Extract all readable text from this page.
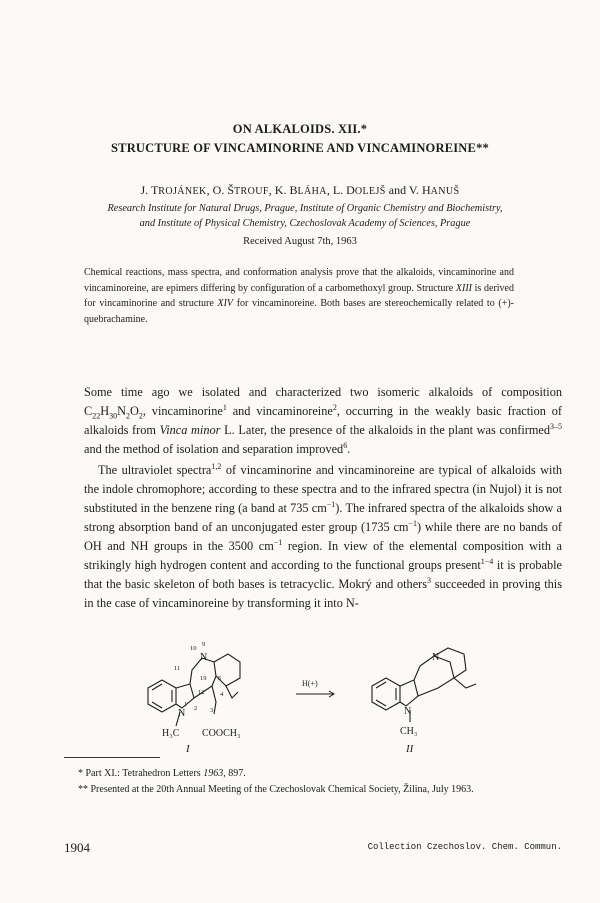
ON ALKALOIDS. XII.*
STRUCTURE OF VINCAMINORINE AND VINCAMINOREINE**
J. TROJÁNEK, O. ŠTROUF, K. BLÁHA, L. DOLEJŠ and V. HANUŠ
Research Institute for Natural Drugs, Prague, Institute of Organic Chemistry and Biochemistry,
and Institute of Physical Chemistry, Czechoslovak Academy of Sciences, Prague
Received August 7th, 1963
Chemical reactions, mass spectra, and conformation analysis prove that the alkaloids, vincaminorine and vincaminoreine, are epimers differing by configuration of a carbomethoxyl group. Structure XIII is derived for vincaminorine and structure XIV for vincaminoreine. Both bases are stereochemically related to (+)-quebrachamine.
Some time ago we isolated and characterized two isomeric alkaloids of composition $C_{22}H_{30}N_2O_2$, vincaminorine$^1$ and vincaminoreine$^2$, occurring in the weakly basic fraction of alkaloids from Vinca minor L. Later, the presence of the alkaloids in the plant was confirmed$^{3-5}$ and the method of isolation and separation improved$^6$.
The ultraviolet spectra$^{1,2}$ of vincaminorine and vincaminoreine are typical of alkaloids with the indole chromophore; according to these spectra and to the infrared spectra (in Nujol) it is not substituted in the benzene ring (a band at 735 $cm^{-1}$). The infrared spectra of the alkaloids show a strong absorption band of an unconjugated ester group (1735 $cm^{-1}$) while there are no bands of OH and NH groups in the 3500 $cm^{-1}$ region. In view of the elemental composition with a strikingly high hydrogen content and according to the functional groups present$^{1-4}$ it is probable that the basic skeleton of both bases is tetracyclic. Mokrý and others$^3$ succeeded in proving this in the case of vincaminoreine by transforming it into N-
N
N
H₃C COOCH₃
10
9
11
19 5
12 4
1
2 3
I
H(+)
N
N
CH₃
II
* Part XI.: Tetrahedron Letters 1963, 897.
** Presented at the 20th Annual Meeting of the Czechoslovak Chemical Society, Žilina, July 1963.
1904	Collection Czechoslov. Chem. Commun.
